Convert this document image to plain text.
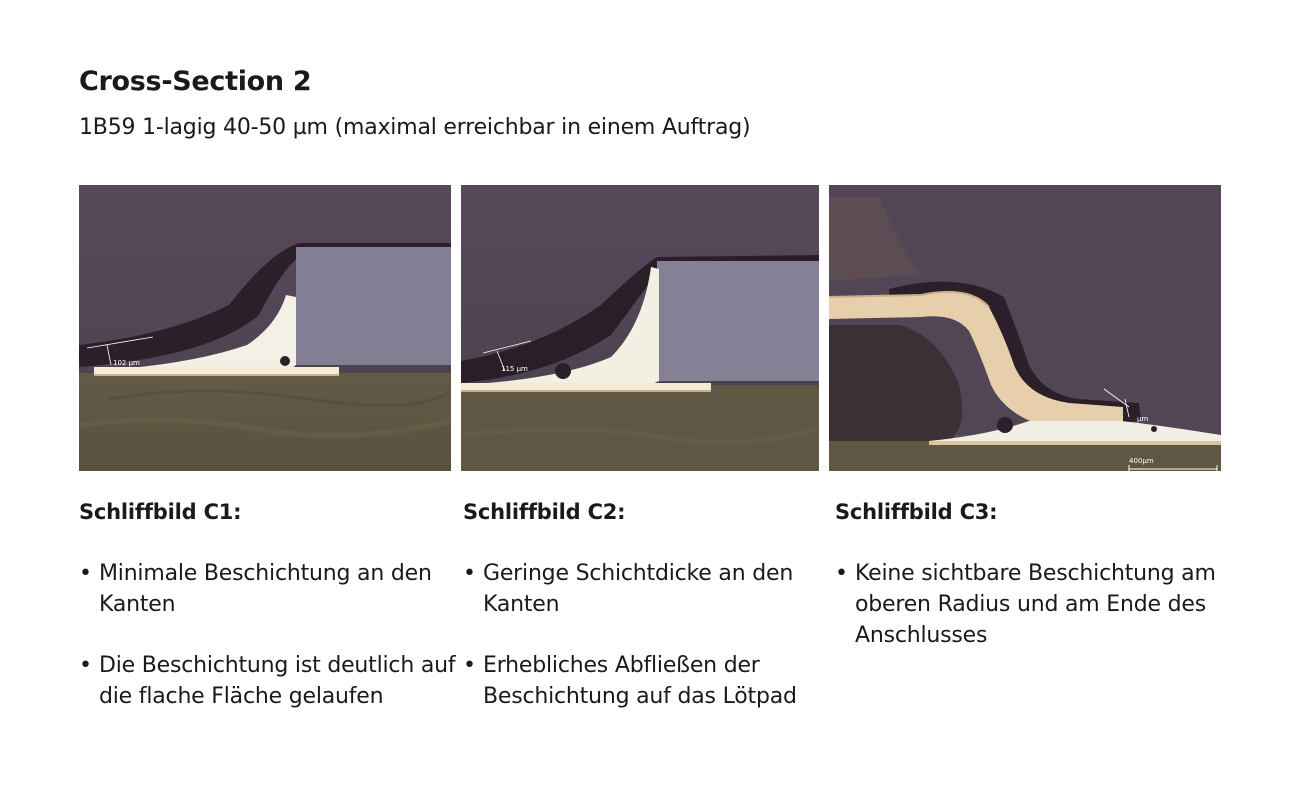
Cross-Section 2
1B59 1-lagig 40-50 µm (maximal erreichbar in einem Auftrag)
102 µm
115 µm
µm
400µm
Schliffbild C1:
• Minimale Beschichtung an den Kanten
• Die Beschichtung ist deutlich auf die flache Fläche gelaufen
Schliffbild C2:
• Geringe Schichtdicke an den Kanten
• Erhebliches Abfließen der Beschichtung auf das Lötpad
Schliffbild C3:
• Keine sichtbare Beschichtung am oberen Radius und am Ende des Anschlusses
